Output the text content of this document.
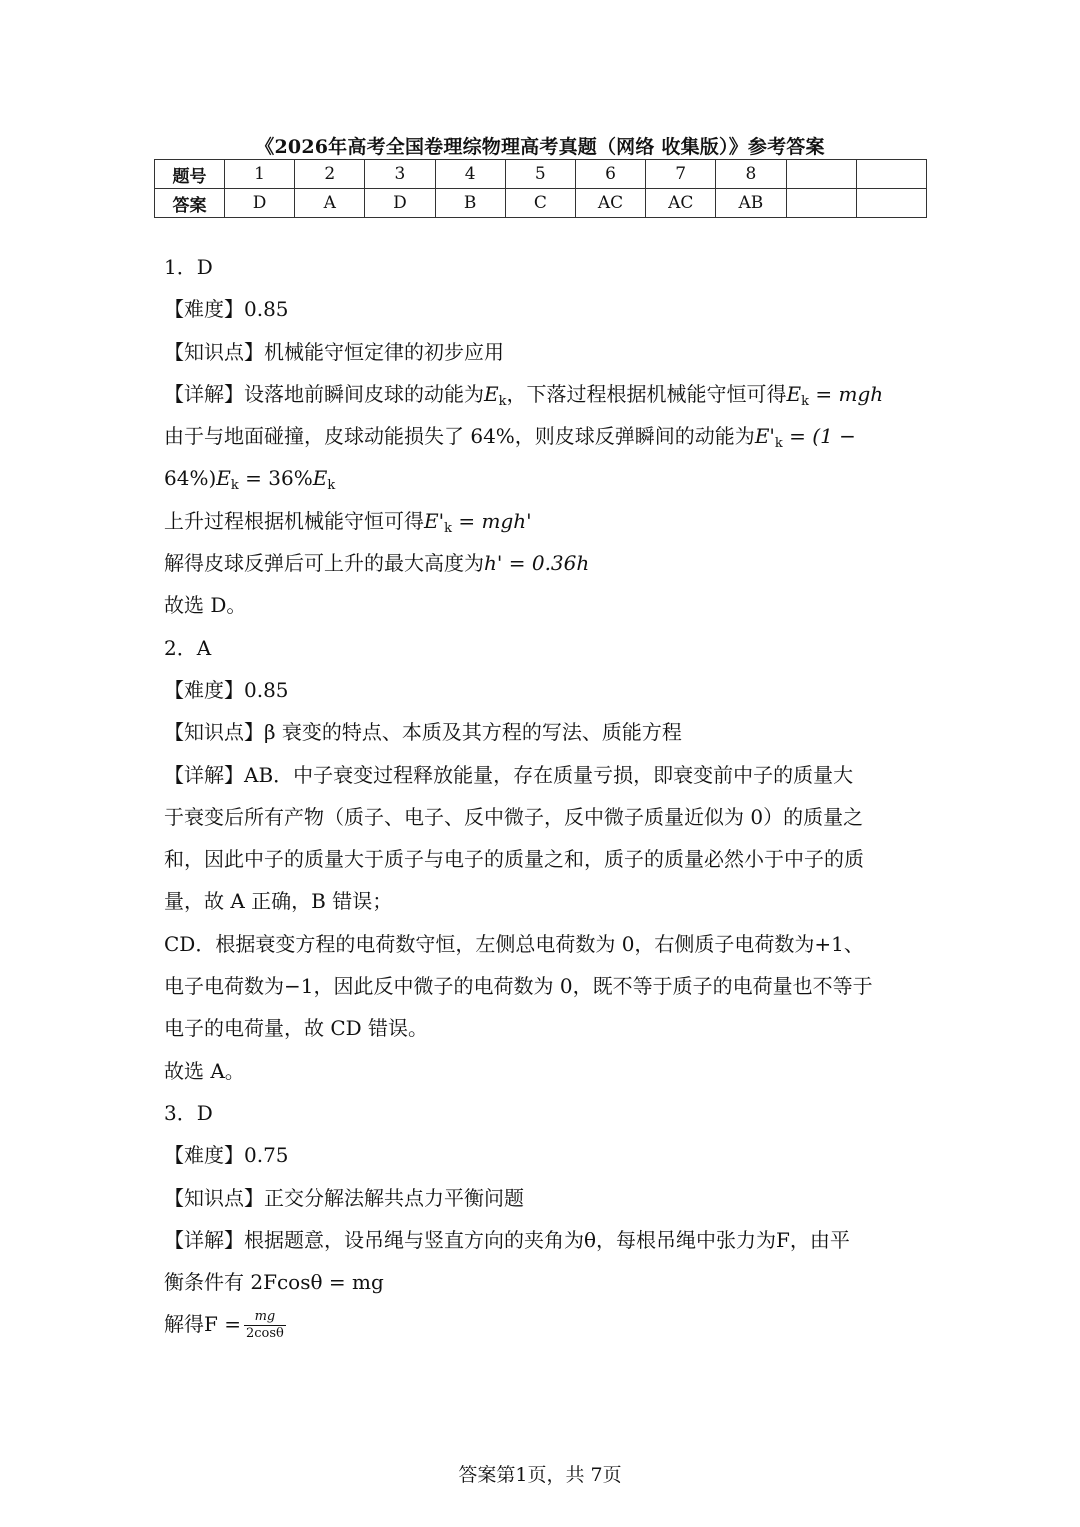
《2026年高考全国卷理综物理高考真题（网络 收集版）》参考答案
题号	1	2	3	4	5	6	7	8		
答案	D	A	D	B	C	AC	AC	AB		
1．D
【难度】0.85
【知识点】机械能守恒定律的初步应用
【详解】设落地前瞬间皮球的动能为$E_k$，下落过程根据机械能守恒可得$E_k$ = mgh
由于与地面碰撞，皮球动能损失了 64%，则皮球反弹瞬间的动能为$E'_k = (1$ −
$64\%)E_k = 36\%E_k$
上升过程根据机械能守恒可得$E'_k = mgh'$
解得皮球反弹后可上升的最大高度为h' = 0.36h
故选 D。
2．A
【难度】0.85
【知识点】β 衰变的特点、本质及其方程的写法、质能方程
【详解】AB．中子衰变过程释放能量，存在质量亏损，即衰变前中子的质量大
于衰变后所有产物（质子、电子、反中微子，反中微子质量近似为 0）的质量之
和，因此中子的质量大于质子与电子的质量之和，质子的质量必然小于中子的质
量，故 A 正确，B 错误；
CD．根据衰变方程的电荷数守恒，左侧总电荷数为 0，右侧质子电荷数为+1、
电子电荷数为−1，因此反中微子的电荷数为 0，既不等于质子的电荷量也不等于
电子的电荷量，故 CD 错误。
故选 A。
3．D
【难度】0.75
【知识点】正交分解法解共点力平衡问题
【详解】根据题意，设吊绳与竖直方向的夹角为θ，每根吊绳中张力为F，由平
衡条件有 2Fcosθ = mg
解得$F = \frac{mg}{2\cos\theta}$
答案第1页，共 7页
